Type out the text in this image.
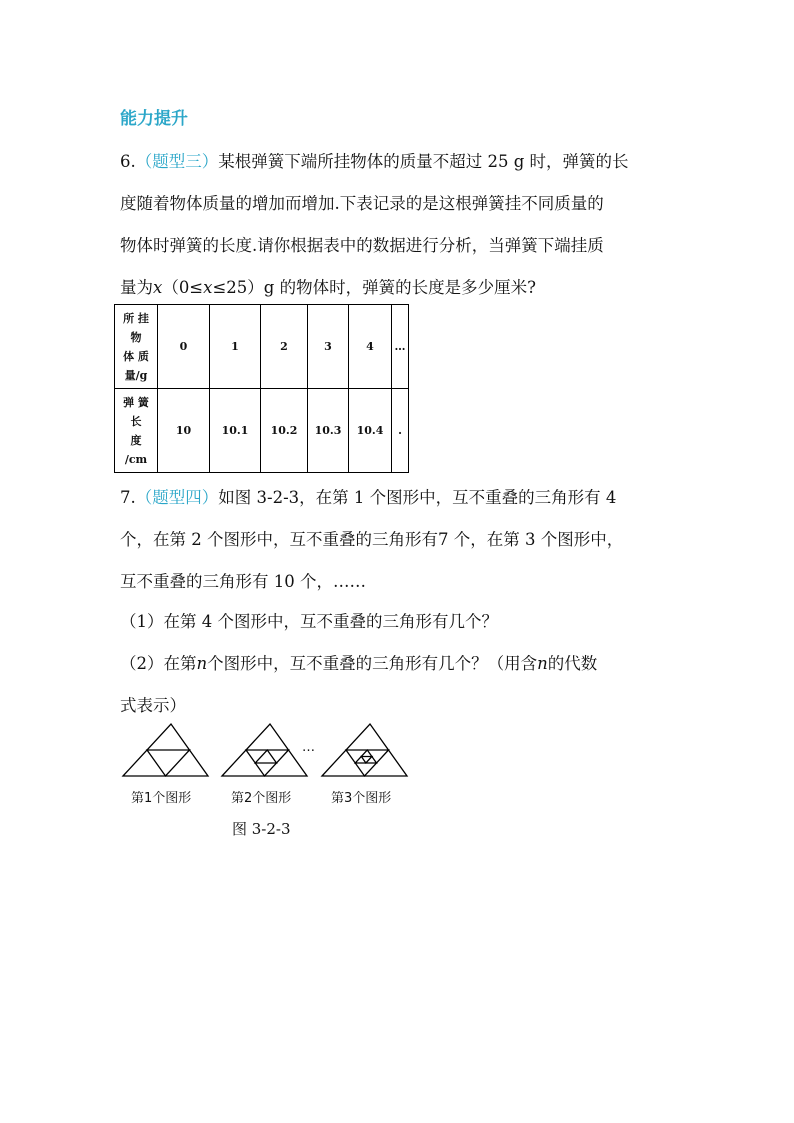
能力提升
6.（题型三）某根弹簧下端所挂物体的质量不超过 25 g 时，弹簧的长
度随着物体质量的增加而增加.下表记录的是这根弹簧挂不同质量的
物体时弹簧的长度.请你根据表中的数据进行分析，当弹簧下端挂质
量为x（0≤x≤25）g 的物体时，弹簧的长度是多少厘米?
所 挂
物
体 质
量/g	0	1	2	3	4	…

弹 簧
长
度
/cm	10	10.1	10.2	10.3	10.4	.
7.（题型四）如图 3-2-3，在第 1 个图形中，互不重叠的三角形有 4
个，在第 2 个图形中，互不重叠的三角形有7 个，在第 3 个图形中，
互不重叠的三角形有 10 个，……
（1）在第 4 个图形中，互不重叠的三角形有几个？
（2）在第n个图形中，互不重叠的三角形有几个？（用含n的代数
式表示）
…
第1个图形	第2个图形	第3个图形
图 3-2-3
